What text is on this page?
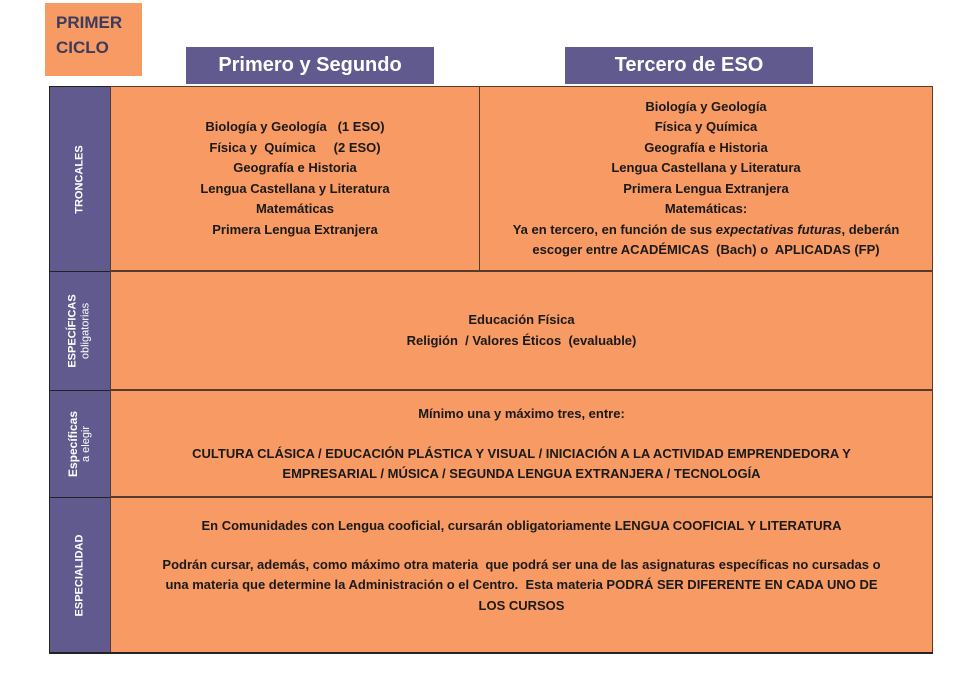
PRIMER
CICLO
Primero y Segundo	Tercero de ESO
TRONCALES

Biología y Geología   (1 ESO)

Física y  Química     (2 ESO)

Geografía e Historia

Lengua Castellana y Literatura

Matemáticas

Primera Lengua Extranjera

Biología y Geología

Física y Química

Geografía e Historia

Lengua Castellana y Literatura

Primera Lengua Extranjera

Matemáticas:

Ya en tercero, en función de sus expectativas futuras, deberán

escoger entre ACADÉMICAS  (Bach) o  APLICADAS (FP)

ESPECÍFICAS obligatorias	Educación Física

Religión  / Valores Éticos  (evaluable)

Específicas a elegir

Mínimo una y máximo tres, entre:

CULTURA CLÁSICA / EDUCACIÓN PLÁSTICA Y VISUAL / INICIACIÓN A LA ACTIVIDAD EMPRENDEDORA Y

EMPRESARIAL / MÚSICA / SEGUNDA LENGUA EXTRANJERA / TECNOLOGÍA

ESPECIALIDAD

En Comunidades con Lengua cooficial, cursarán obligatoriamente LENGUA COOFICIAL Y LITERATURA

Podrán cursar, además, como máximo otra materia  que podrá ser una de las asignaturas específicas no cursadas o

una materia que determine la Administración o el Centro.  Esta materia PODRÁ SER DIFERENTE EN CADA UNO DE

LOS CURSOS
